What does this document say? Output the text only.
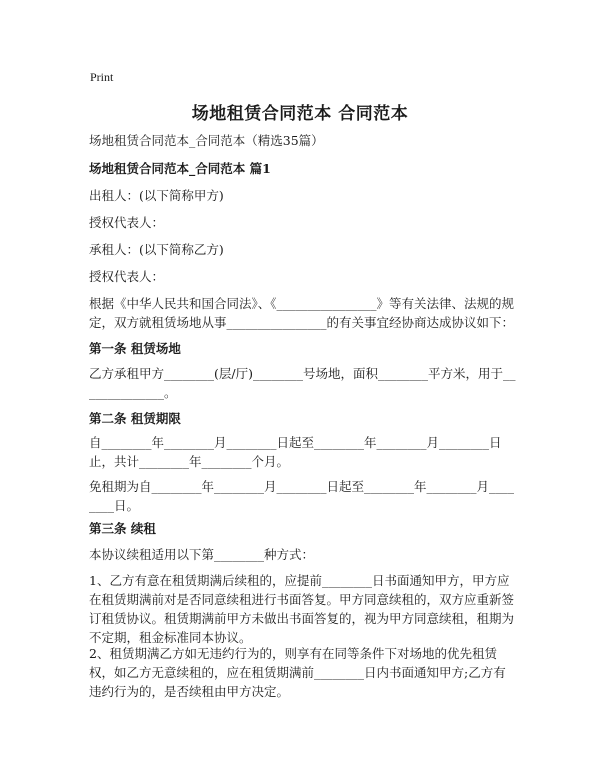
Print
场地租赁合同范本 合同范本
场地租赁合同范本_合同范本（精选35篇）
场地租赁合同范本_合同范本 篇1
出租人：(以下简称甲方)
授权代表人：
承租人：(以下简称乙方)
授权代表人：
根据《中华人民共和国合同法》、《________________》等有关法律、法规的规定，双方就租赁场地从事________________的有关事宜经协商达成协议如下：
第一条 租赁场地
乙方承租甲方________(层/厅)________号场地，面积________平方米，用于______________。
第二条 租赁期限
自________年________月________日起至________年________月________日止，共计________年________个月。
免租期为自________年________月________日起至________年________月________日。
第三条 续租
本协议续租适用以下第________种方式：
1、乙方有意在租赁期满后续租的，应提前________日书面通知甲方，甲方应在租赁期满前对是否同意续租进行书面答复。甲方同意续租的，双方应重新签订租赁协议。租赁期满前甲方未做出书面答复的，视为甲方同意续租，租期为不定期，租金标准同本协议。
2、租赁期满乙方如无违约行为的，则享有在同等条件下对场地的优先租赁权，如乙方无意续租的，应在租赁期满前________日内书面通知甲方;乙方有违约行为的，是否续租由甲方决定。
